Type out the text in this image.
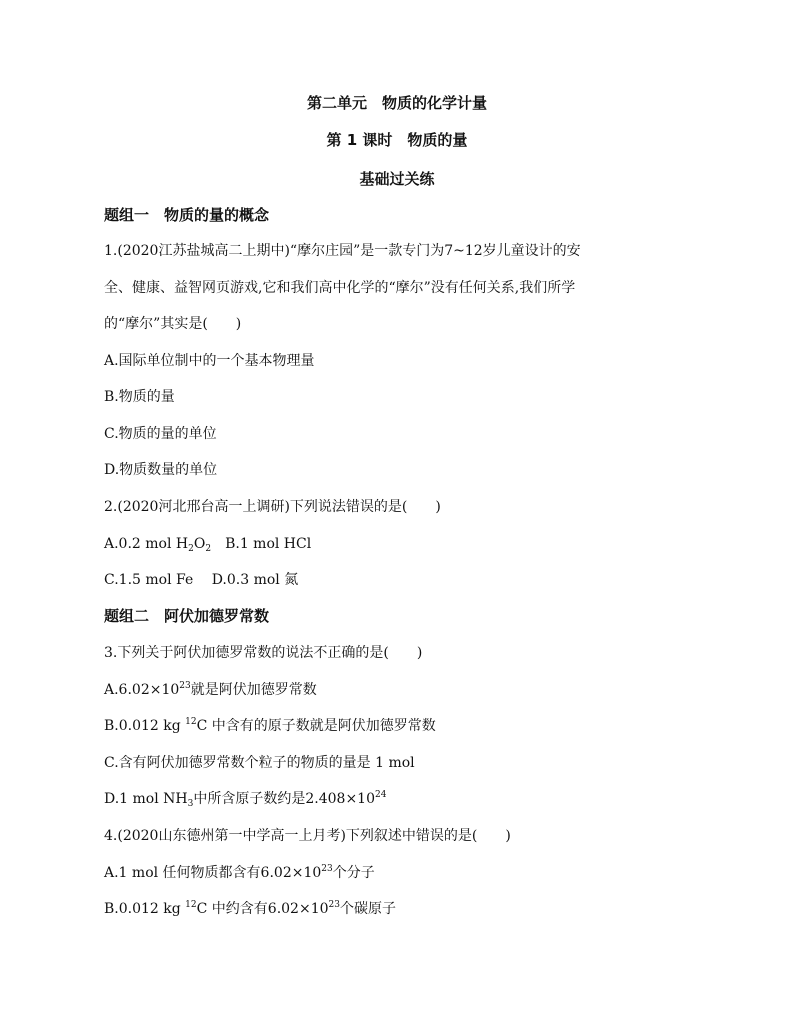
第二单元　物质的化学计量
第 1 课时　物质的量
基础过关练
题组一　物质的量的概念
1.(2020江苏盐城高二上期中)“摩尔庄园”是一款专门为7~12岁儿童设计的安
全、健康、益智网页游戏,它和我们高中化学的“摩尔”没有任何关系,我们所学
的“摩尔”其实是(　　)
A.国际单位制中的一个基本物理量
B.物质的量
C.物质的量的单位
D.物质数量的单位
2.(2020河北邢台高一上调研)下列说法错误的是(　　)
A.0.2 mol $H_2O_2$　B.1 mol HCl
C.1.5 mol Fe　 D.0.3 mol 氮
题组二　阿伏加德罗常数
3.下列关于阿伏加德罗常数的说法不正确的是(　　)
$A.6.02\times 10^{23}$就是阿伏加德罗常数
B.0.012 kg $^{12}$C 中含有的原子数就是阿伏加德罗常数
C.含有阿伏加德罗常数个粒子的物质的量是 1 mol
D.1 mol $NH_3$中所含原子数约是$2.408\times 10^{24}$
4.(2020山东德州第一中学高一上月考)下列叙述中错误的是(　　)
A.1 mol 任何物质都含有$6.02\times 10^{23}$个分子
B.0.012 kg $^{12}$C 中约含有$6.02\times 10^{23}$个碳原子
